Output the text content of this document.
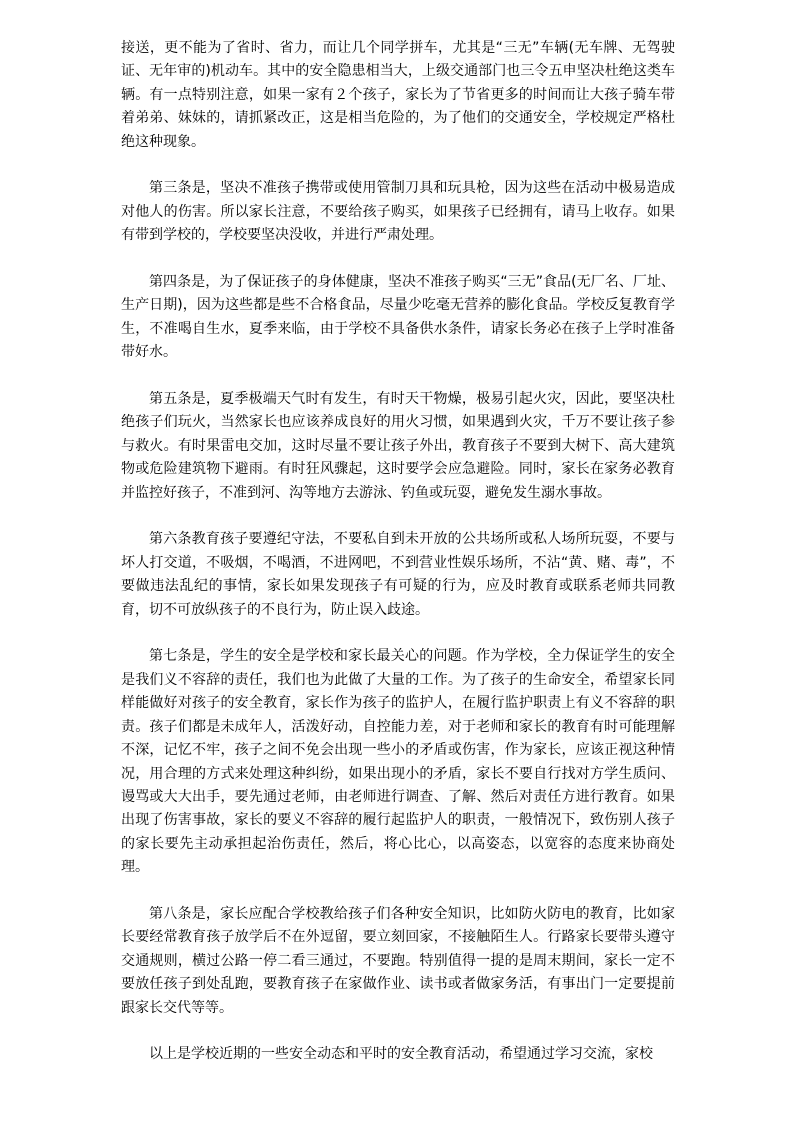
接送，更不能为了省时、省力，而让几个同学拼车，尤其是“三无”车辆(无车牌、无驾驶证、无年审的)机动车。其中的安全隐患相当大，上级交通部门也三令五申坚决杜绝这类车辆。有一点特别注意，如果一家有２个孩子，家长为了节省更多的时间而让大孩子骑车带着弟弟、妹妹的，请抓紧改正，这是相当危险的，为了他们的交通安全，学校规定严格杜绝这种现象。

第三条是，坚决不准孩子携带或使用管制刀具和玩具枪，因为这些在活动中极易造成对他人的伤害。所以家长注意，不要给孩子购买，如果孩子已经拥有，请马上收存。如果有带到学校的，学校要坚决没收，并进行严肃处理。

第四条是，为了保证孩子的身体健康，坚决不准孩子购买“三无”食品(无厂名、厂址、生产日期)，因为这些都是些不合格食品，尽量少吃毫无营养的膨化食品。学校反复教育学生，不准喝自生水，夏季来临，由于学校不具备供水条件，请家长务必在孩子上学时准备带好水。

第五条是，夏季极端天气时有发生，有时天干物燥，极易引起火灾，因此，要坚决杜绝孩子们玩火，当然家长也应该养成良好的用火习惯，如果遇到火灾，千万不要让孩子参与救火。有时果雷电交加，这时尽量不要让孩子外出，教育孩子不要到大树下、高大建筑物或危险建筑物下避雨。有时狂风骤起，这时要学会应急避险。同时，家长在家务必教育并监控好孩子，不准到河、沟等地方去游泳、钓鱼或玩耍，避免发生溺水事故。

第六条教育孩子要遵纪守法，不要私自到未开放的公共场所或私人场所玩耍，不要与坏人打交道，不吸烟，不喝酒，不进网吧，不到营业性娱乐场所，不沾“黄、赌、毒”，不要做违法乱纪的事情，家长如果发现孩子有可疑的行为，应及时教育或联系老师共同教育，切不可放纵孩子的不良行为，防止误入歧途。

第七条是，学生的安全是学校和家长最关心的问题。作为学校，全力保证学生的安全是我们义不容辞的责任，我们也为此做了大量的工作。为了孩子的生命安全，希望家长同样能做好对孩子的安全教育，家长作为孩子的监护人，在履行监护职责上有义不容辞的职责。孩子们都是未成年人，活泼好动，自控能力差，对于老师和家长的教育有时可能理解不深，记忆不牢，孩子之间不免会出现一些小的矛盾或伤害，作为家长，应该正视这种情况，用合理的方式来处理这种纠纷，如果出现小的矛盾，家长不要自行找对方学生质问、谩骂或大大出手，要先通过老师，由老师进行调查、了解、然后对责任方进行教育。如果出现了伤害事故，家长的要义不容辞的履行起监护人的职责，一般情况下，致伤别人孩子的家长要先主动承担起治伤责任，然后，将心比心，以高姿态，以宽容的态度来协商处理。

第八条是，家长应配合学校教给孩子们各种安全知识，比如防火防电的教育，比如家长要经常教育孩子放学后不在外逗留，要立刻回家，不接触陌生人。行路家长要带头遵守交通规则，横过公路一停二看三通过，不要跑。特别值得一提的是周末期间，家长一定不要放任孩子到处乱跑，要教育孩子在家做作业、读书或者做家务活，有事出门一定要提前跟家长交代等等。

以上是学校近期的一些安全动态和平时的安全教育活动，希望通过学习交流，家校
